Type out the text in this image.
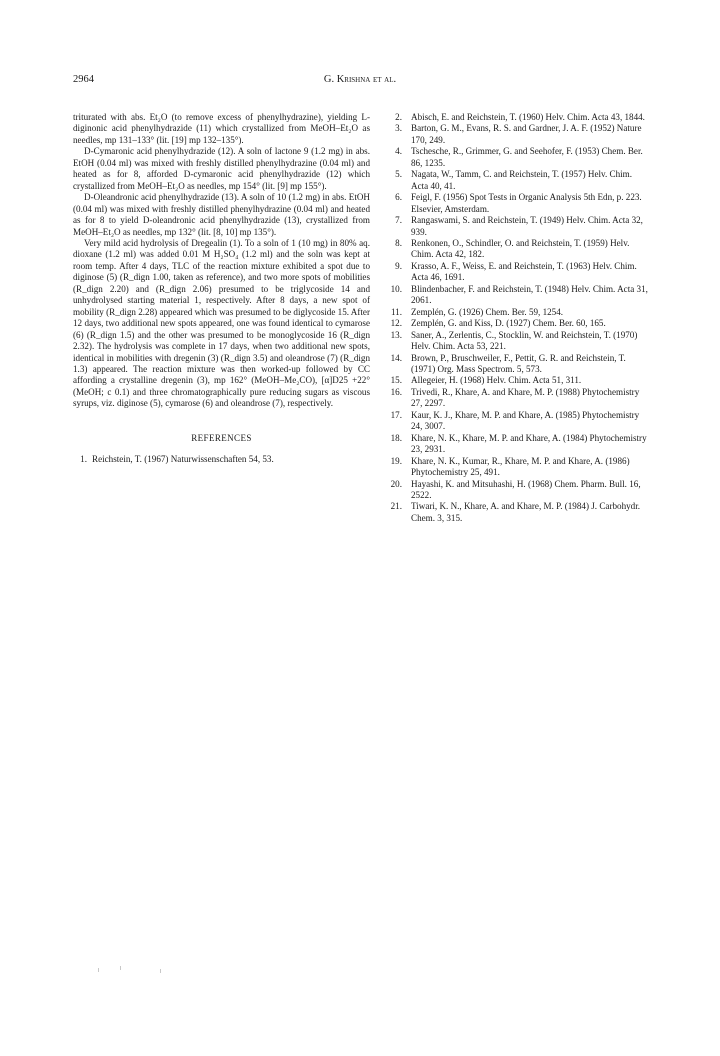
2964	G. Krishna et al.

triturated with abs. Et₂O (to remove excess of phenylhydrazine), yielding L-diginonic acid phenylhydrazide (11) which crystallized from MeOH–Et₂O as needles, mp 131–133° (lit. [19] mp 132–135°).

D-Cymaronic acid phenylhydrazide (12). A soln of lactone 9 (1.2 mg) in abs. EtOH (0.04 ml) was mixed with freshly distilled phenylhydrazine (0.04 ml) and heated as for 8, afforded D-cymaronic acid phenylhydrazide (12) which crystallized from MeOH–Et₂O as needles, mp 154° (lit. [9] mp 155°).

D-Oleandronic acid phenylhydrazide (13). A soln of 10 (1.2 mg) in abs. EtOH (0.04 ml) was mixed with freshly distilled phenylhydrazine (0.04 ml) and heated as for 8 to yield D-oleandronic acid phenylhydrazide (13), crystallized from MeOH–Et₂O as needles, mp 132° (lit. [8, 10] mp 135°).

Very mild acid hydrolysis of Dregealin (1). To a soln of 1 (10 mg) in 80% aq. dioxane (1.2 ml) was added 0.01 M H₂SO₄ (1.2 ml) and the soln was kept at room temp. After 4 days, TLC of the reaction mixture exhibited a spot due to diginose (5) (R_dign 1.00, taken as reference), and two more spots of mobilities (R_dign 2.20) and (R_dign 2.06) presumed to be triglycoside 14 and unhydrolysed starting material 1, respectively. After 8 days, a new spot of mobility (R_dign 2.28) appeared which was presumed to be diglycoside 15. After 12 days, two additional new spots appeared, one was found identical to cymarose (6) (R_dign 1.5) and the other was presumed to be monoglycoside 16 (R_dign 2.32). The hydrolysis was complete in 17 days, when two additional new spots, identical in mobilities with dregenin (3) (R_dign 3.5) and oleandrose (7) (R_dign 1.3) appeared. The reaction mixture was then worked-up followed by CC affording a crystalline dregenin (3), mp 162° (MeOH–Me₂CO), [α]D25 +22° (MeOH; c 0.1) and three chromatographically pure reducing sugars as viscous syrups, viz. diginose (5), cymarose (6) and oleandrose (7), respectively.

REFERENCES
1. Reichstein, T. (1967) Naturwissenschaften 54, 53.
2. Abisch, E. and Reichstein, T. (1960) Helv. Chim. Acta 43, 1844.
3. Barton, G. M., Evans, R. S. and Gardner, J. A. F. (1952) Nature 170, 249.
4. Tschesche, R., Grimmer, G. and Seehofer, F. (1953) Chem. Ber. 86, 1235.
5. Nagata, W., Tamm, C. and Reichstein, T. (1957) Helv. Chim. Acta 40, 41.
6. Feigl, F. (1956) Spot Tests in Organic Analysis 5th Edn, p. 223. Elsevier, Amsterdam.
7. Rangaswami, S. and Reichstein, T. (1949) Helv. Chim. Acta 32, 939.
8. Renkonen, O., Schindler, O. and Reichstein, T. (1959) Helv. Chim. Acta 42, 182.
9. Krasso, A. F., Weiss, E. and Reichstein, T. (1963) Helv. Chim. Acta 46, 1691.
10. Blindenbacher, F. and Reichstein, T. (1948) Helv. Chim. Acta 31, 2061.
11. Zemplén, G. (1926) Chem. Ber. 59, 1254.
12. Zemplén, G. and Kiss, D. (1927) Chem. Ber. 60, 165.
13. Saner, A., Zerlentis, C., Stocklin, W. and Reichstein, T. (1970) Helv. Chim. Acta 53, 221.
14. Brown, P., Bruschweiler, F., Pettit, G. R. and Reichstein, T. (1971) Org. Mass Spectrom. 5, 573.
15. Allegeier, H. (1968) Helv. Chim. Acta 51, 311.
16. Trivedi, R., Khare, A. and Khare, M. P. (1988) Phytochemistry 27, 2297.
17. Kaur, K. J., Khare, M. P. and Khare, A. (1985) Phytochemistry 24, 3007.
18. Khare, N. K., Khare, M. P. and Khare, A. (1984) Phytochemistry 23, 2931.
19. Khare, N. K., Kumar, R., Khare, M. P. and Khare, A. (1986) Phytochemistry 25, 491.
20. Hayashi, K. and Mitsuhashi, H. (1968) Chem. Pharm. Bull. 16, 2522.
21. Tiwari, K. N., Khare, A. and Khare, M. P. (1984) J. Carbohydr. Chem. 3, 315.
